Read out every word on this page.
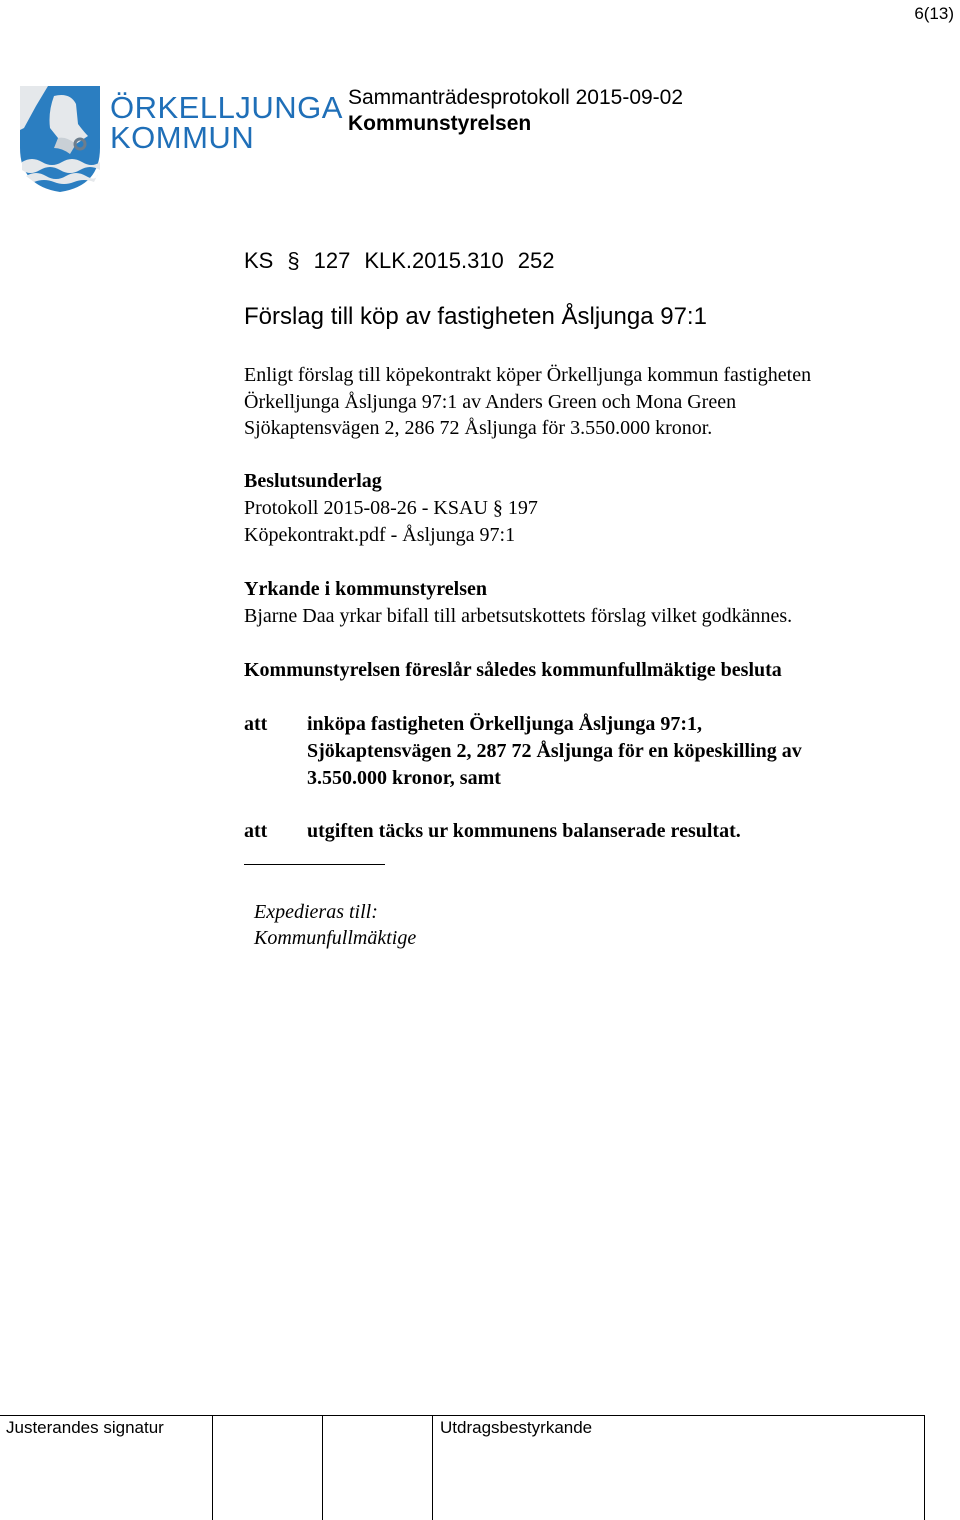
6(13)
ÖRKELLJUNGA
KOMMUN
Sammanträdesprotokoll 2015-09-02
Kommunstyrelsen
KS § 127 KLK.2015.310 252
Förslag till köp av fastigheten Åsljunga 97:1
Enligt förslag till köpekontrakt köper Örkelljunga kommun fastigheten
Örkelljunga Åsljunga 97:1 av Anders Green och Mona Green
Sjökaptensvägen 2, 286 72 Åsljunga för 3.550.000 kronor.
Beslutsunderlag
Protokoll 2015-08-26 - KSAU § 197
Köpekontrakt.pdf - Åsljunga 97:1
Yrkande i kommunstyrelsen
Bjarne Daa yrkar bifall till arbetsutskottets förslag vilket godkännes.
Kommunstyrelsen föreslår således kommunfullmäktige besluta
att inköpa fastigheten Örkelljunga Åsljunga 97:1,
Sjökaptensvägen 2, 287 72 Åsljunga för en köpeskilling av
3.550.000 kronor, samt
att utgiften täcks ur kommunens balanserade resultat.
Expedieras till:
Kommunfullmäktige
Justerandes signatur	Utdragsbestyrkande
